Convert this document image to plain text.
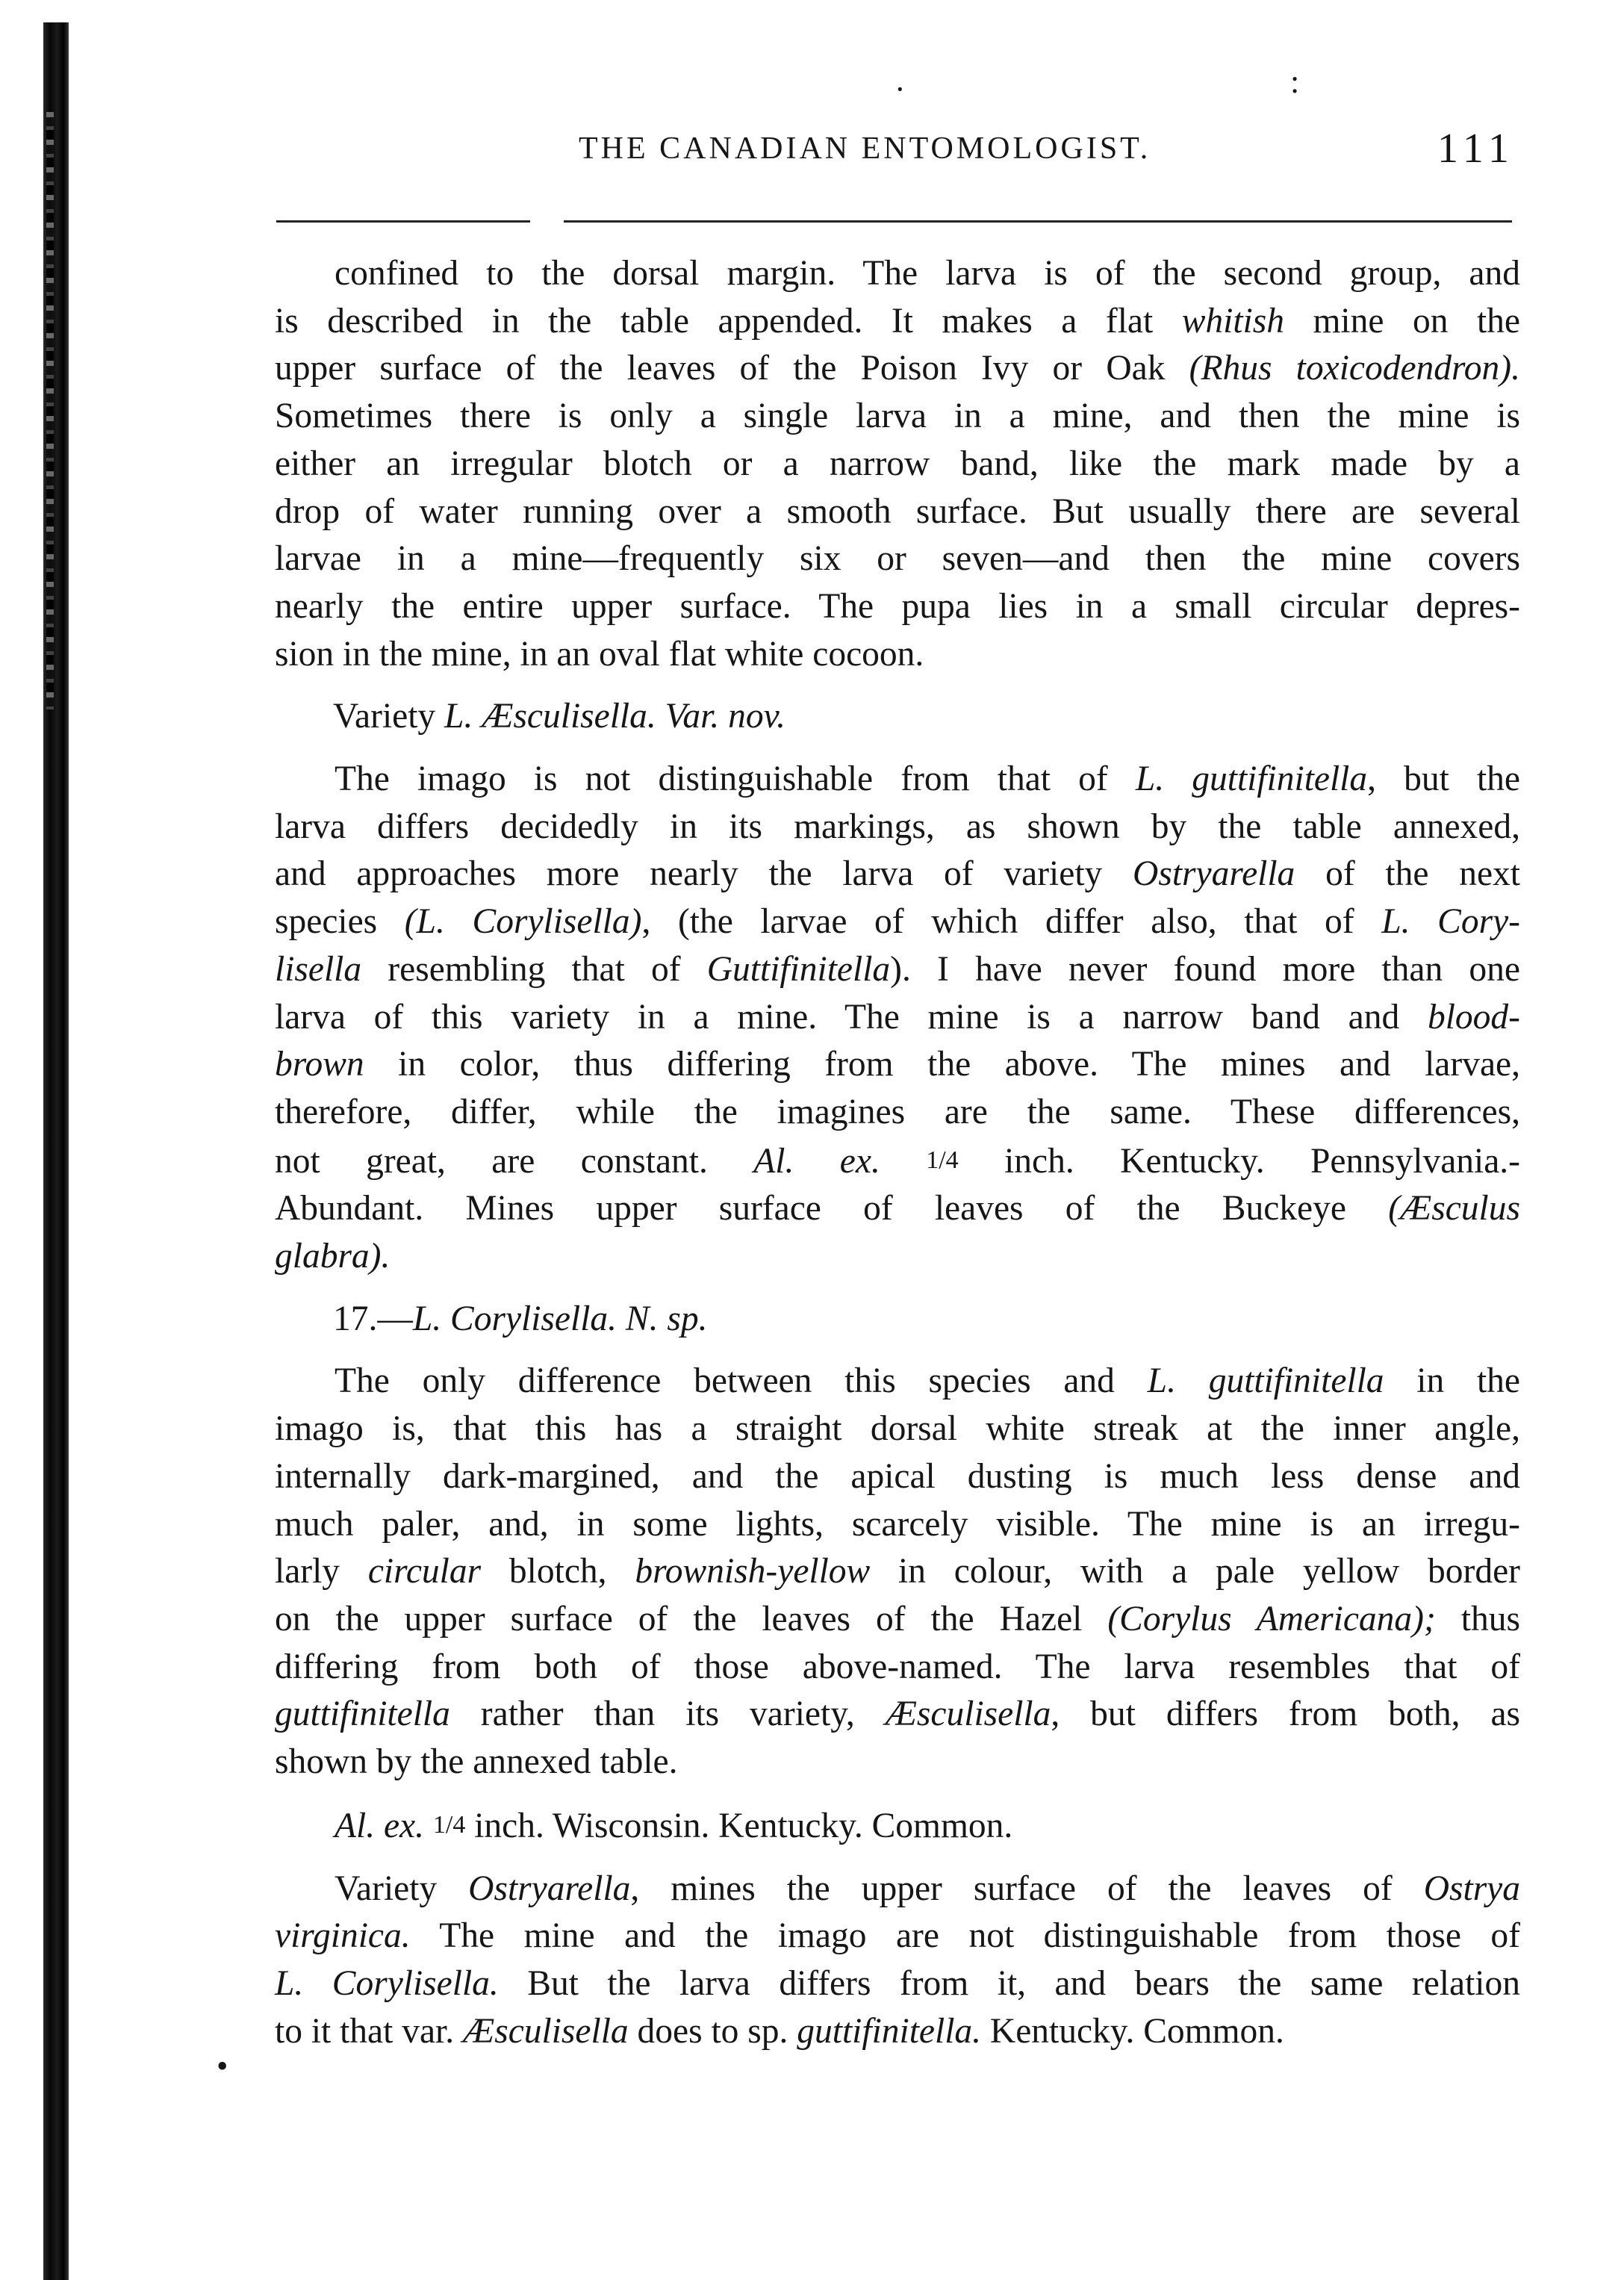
·	:
•
THE CANADIAN ENTOMOLOGIST.	111
confined to the dorsal margin. The larva is of the second group, and
is described in the table appended. It makes a flat whitish mine on the
upper surface of the leaves of the Poison Ivy or Oak (Rhus toxicodendron).
Sometimes there is only a single larva in a mine, and then the mine is
either an irregular blotch or a narrow band, like the mark made by a
drop of water running over a smooth surface. But usually there are several
larvae in a mine—frequently six or seven—and then the mine covers
nearly the entire upper surface. The pupa lies in a small circular depres-
sion in the mine, in an oval flat white cocoon.
Variety L. Æsculisella. Var. nov.
The imago is not distinguishable from that of L. guttifinitella, but the
larva differs decidedly in its markings, as shown by the table annexed,
and approaches more nearly the larva of variety Ostryarella of the next
species (L. Corylisella), (the larvae of which differ also, that of L. Cory-
lisella resembling that of Guttifinitella). I have never found more than one
larva of this variety in a mine. The mine is a narrow band and blood-
brown in color, thus differing from the above. The mines and larvae,
therefore, differ, while the imagines are the same. These differences,
not great, are constant. Al. ex. 1/4 inch. Kentucky. Pennsylvania.-
Abundant. Mines upper surface of leaves of the Buckeye (Æsculus
glabra).
17.—L. Corylisella. N. sp.
The only difference between this species and L. guttifinitella in the
imago is, that this has a straight dorsal white streak at the inner angle,
internally dark-margined, and the apical dusting is much less dense and
much paler, and, in some lights, scarcely visible. The mine is an irregu-
larly circular blotch, brownish-yellow in colour, with a pale yellow border
on the upper surface of the leaves of the Hazel (Corylus Americana); thus
differing from both of those above-named. The larva resembles that of
guttifinitella rather than its variety, Æsculisella, but differs from both, as
shown by the annexed table.
Al. ex. 1/4 inch. Wisconsin. Kentucky. Common.
Variety Ostryarella, mines the upper surface of the leaves of Ostrya
virginica. The mine and the imago are not distinguishable from those of
L. Corylisella. But the larva differs from it, and bears the same relation
to it that var. Æsculisella does to sp. guttifinitella. Kentucky. Common.
